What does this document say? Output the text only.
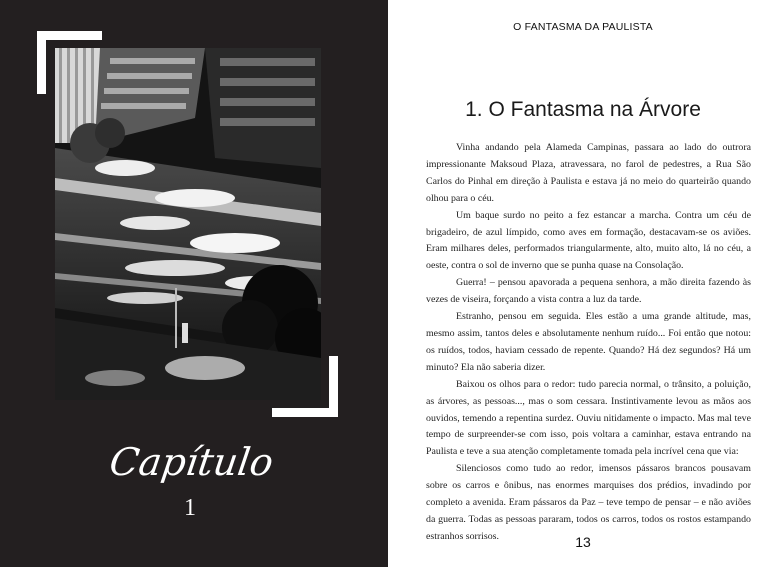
Capítulo
1
O FANTASMA DA PAULISTA
1. O Fantasma na Árvore

Vinha andando pela Alameda Campinas, passara ao lado do outrora impressionante Maksoud Plaza, atravessara, no farol de pedestres, a Rua São Carlos do Pinhal em direção à Paulista e estava já no meio do quarteirão quando olhou para o céu.

Um baque surdo no peito a fez estancar a marcha. Contra um céu de brigadeiro, de azul límpido, como aves em formação, destacavam-se os aviões. Eram milhares deles, performados triangularmente, alto, muito alto, lá no céu, a oeste, contra o sol de inverno que se punha quase na Consolação.

Guerra! – pensou apavorada a pequena senhora, a mão direita fazendo às vezes de viseira, forçando a vista contra a luz da tarde.

Estranho, pensou em seguida. Eles estão a uma grande altitude, mas, mesmo assim, tantos deles e absolutamente nenhum ruído... Foi então que notou: os ruídos, todos, haviam cessado de repente. Quando? Há dez segundos? Há um minuto? Ela não saberia dizer.

Baixou os olhos para o redor: tudo parecia normal, o trânsito, a poluição, as árvores, as pessoas..., mas o som cessara. Instintivamente levou as mãos aos ouvidos, temendo a repentina surdez. Ouviu nitidamente o impacto. Mas mal teve tempo de surpreender-se com isso, pois voltara a caminhar, estava entrando na Paulista e teve a sua atenção completamente tomada pela incrível cena que via:

Silenciosos como tudo ao redor, imensos pássaros brancos pousavam sobre os carros e ônibus, nas enormes marquises dos prédios, invadindo por completo a avenida. Eram pássaros da Paz – teve tempo de pensar – e não aviões da guerra. Todas as pessoas pararam, todos os carros, todos os rostos estampando estranhos sorrisos.	13
